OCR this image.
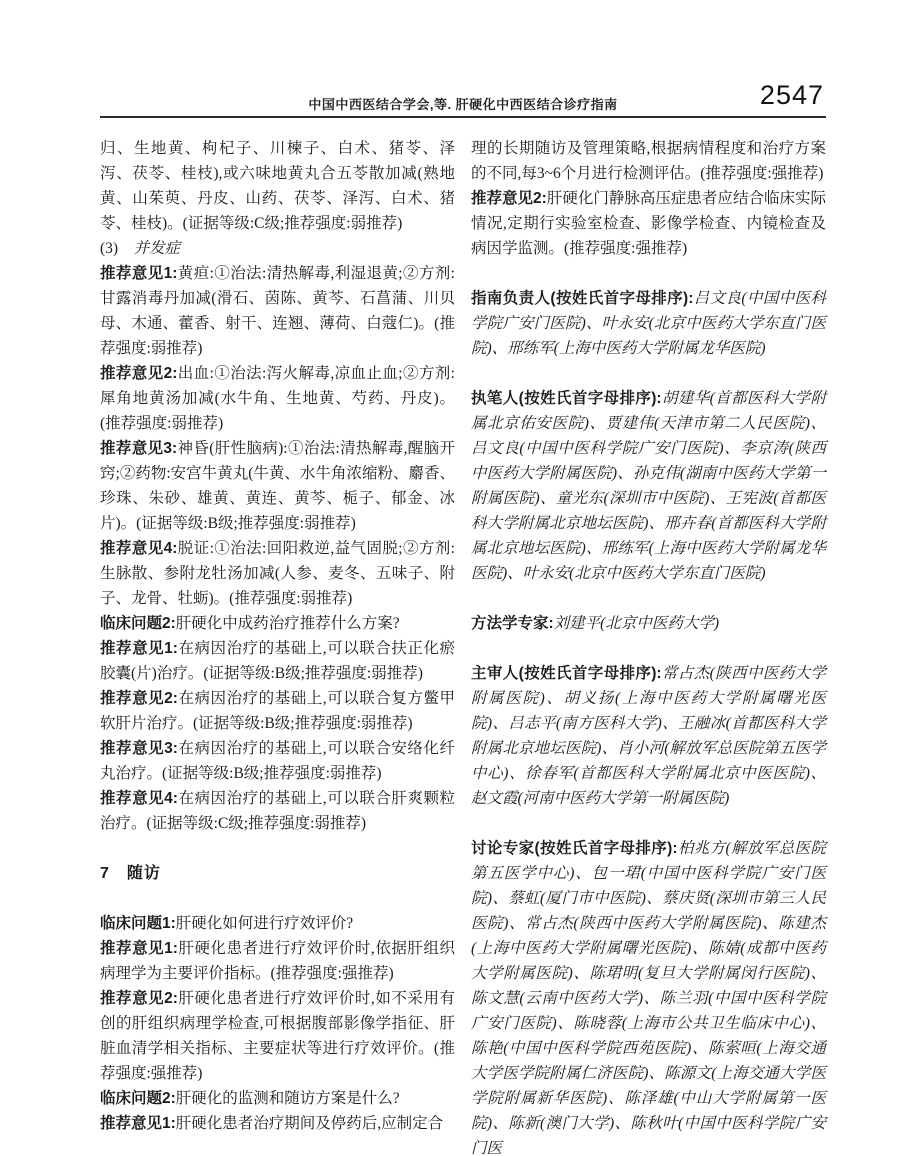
中国中西医结合学会,等. 肝硬化中西医结合诊疗指南	2547

归、生地黄、枸杞子、川楝子、白术、猪苓、泽泻、茯苓、桂枝),或六味地黄丸合五苓散加减(熟地黄、山茱萸、丹皮、山药、茯苓、泽泻、白术、猪苓、桂枝)。(证据等级:C级;推荐强度:弱推荐)

(3)　并发症

推荐意见1:黄疸:①治法:清热解毒,利湿退黄;②方剂:甘露消毒丹加减(滑石、茵陈、黄芩、石菖蒲、川贝母、木通、藿香、射干、连翘、薄荷、白蔻仁)。(推荐强度:弱推荐)

推荐意见2:出血:①治法:泻火解毒,凉血止血;②方剂:犀角地黄汤加减(水牛角、生地黄、芍药、丹皮)。(推荐强度:弱推荐)

推荐意见3:神昏(肝性脑病):①治法:清热解毒,醒脑开窍;②药物:安宫牛黄丸(牛黄、水牛角浓缩粉、麝香、珍珠、朱砂、雄黄、黄连、黄芩、栀子、郁金、冰片)。(证据等级:B级;推荐强度:弱推荐)

推荐意见4:脱证:①治法:回阳救逆,益气固脱;②方剂:生脉散、参附龙牡汤加减(人参、麦冬、五味子、附子、龙骨、牡蛎)。(推荐强度:弱推荐)

临床问题2:肝硬化中成药治疗推荐什么方案?

推荐意见1:在病因治疗的基础上,可以联合扶正化瘀胶囊(片)治疗。(证据等级:B级;推荐强度:弱推荐)

推荐意见2:在病因治疗的基础上,可以联合复方鳖甲软肝片治疗。(证据等级:B级;推荐强度:弱推荐)

推荐意见3:在病因治疗的基础上,可以联合安络化纤丸治疗。(证据等级:B级;推荐强度:弱推荐)

推荐意见4:在病因治疗的基础上,可以联合肝爽颗粒治疗。(证据等级:C级;推荐强度:弱推荐)

7　随访

临床问题1:肝硬化如何进行疗效评价?

推荐意见1:肝硬化患者进行疗效评价时,依据肝组织病理学为主要评价指标。(推荐强度:强推荐)

推荐意见2:肝硬化患者进行疗效评价时,如不采用有创的肝组织病理学检查,可根据腹部影像学指征、肝脏血清学相关指标、主要症状等进行疗效评价。(推荐强度:强推荐)

临床问题2:肝硬化的监测和随访方案是什么?

推荐意见1:肝硬化患者治疗期间及停药后,应制定合

理的长期随访及管理策略,根据病情程度和治疗方案的不同,每3~6个月进行检测评估。(推荐强度:强推荐)

推荐意见2:肝硬化门静脉高压症患者应结合临床实际情况,定期行实验室检查、影像学检查、内镜检查及病因学监测。(推荐强度:强推荐)

指南负责人(按姓氏首字母排序):吕文良(中国中医科学院广安门医院)、叶永安(北京中医药大学东直门医院)、邢练军(上海中医药大学附属龙华医院)

执笔人(按姓氏首字母排序):胡建华(首都医科大学附属北京佑安医院)、贾建伟(天津市第二人民医院)、吕文良(中国中医科学院广安门医院)、李京涛(陕西中医药大学附属医院)、孙克伟(湖南中医药大学第一附属医院)、童光东(深圳市中医院)、王宪波(首都医科大学附属北京地坛医院)、邢卉春(首都医科大学附属北京地坛医院)、邢练军(上海中医药大学附属龙华医院)、叶永安(北京中医药大学东直门医院)

方法学专家:刘建平(北京中医药大学)

主审人(按姓氏首字母排序):常占杰(陕西中医药大学附属医院)、胡义扬(上海中医药大学附属曙光医院)、吕志平(南方医科大学)、王融冰(首都医科大学附属北京地坛医院)、肖小河(解放军总医院第五医学中心)、徐春军(首都医科大学附属北京中医医院)、赵文霞(河南中医药大学第一附属医院)

讨论专家(按姓氏首字母排序):柏兆方(解放军总医院第五医学中心)、包一珺(中国中医科学院广安门医院)、蔡虹(厦门市中医院)、蔡庆贤(深圳市第三人民医院)、常占杰(陕西中医药大学附属医院)、陈建杰(上海中医药大学附属曙光医院)、陈婧(成都中医药大学附属医院)、陈珺明(复旦大学附属闵行医院)、陈文慧(云南中医药大学)、陈兰羽(中国中医科学院广安门医院)、陈晓蓉(上海市公共卫生临床中心)、陈艳(中国中医科学院西苑医院)、陈萦晅(上海交通大学医学院附属仁济医院)、陈源文(上海交通大学医学院附属新华医院)、陈泽雄(中山大学附属第一医院)、陈新(澳门大学)、陈秋叶(中国中医科学院广安门医
